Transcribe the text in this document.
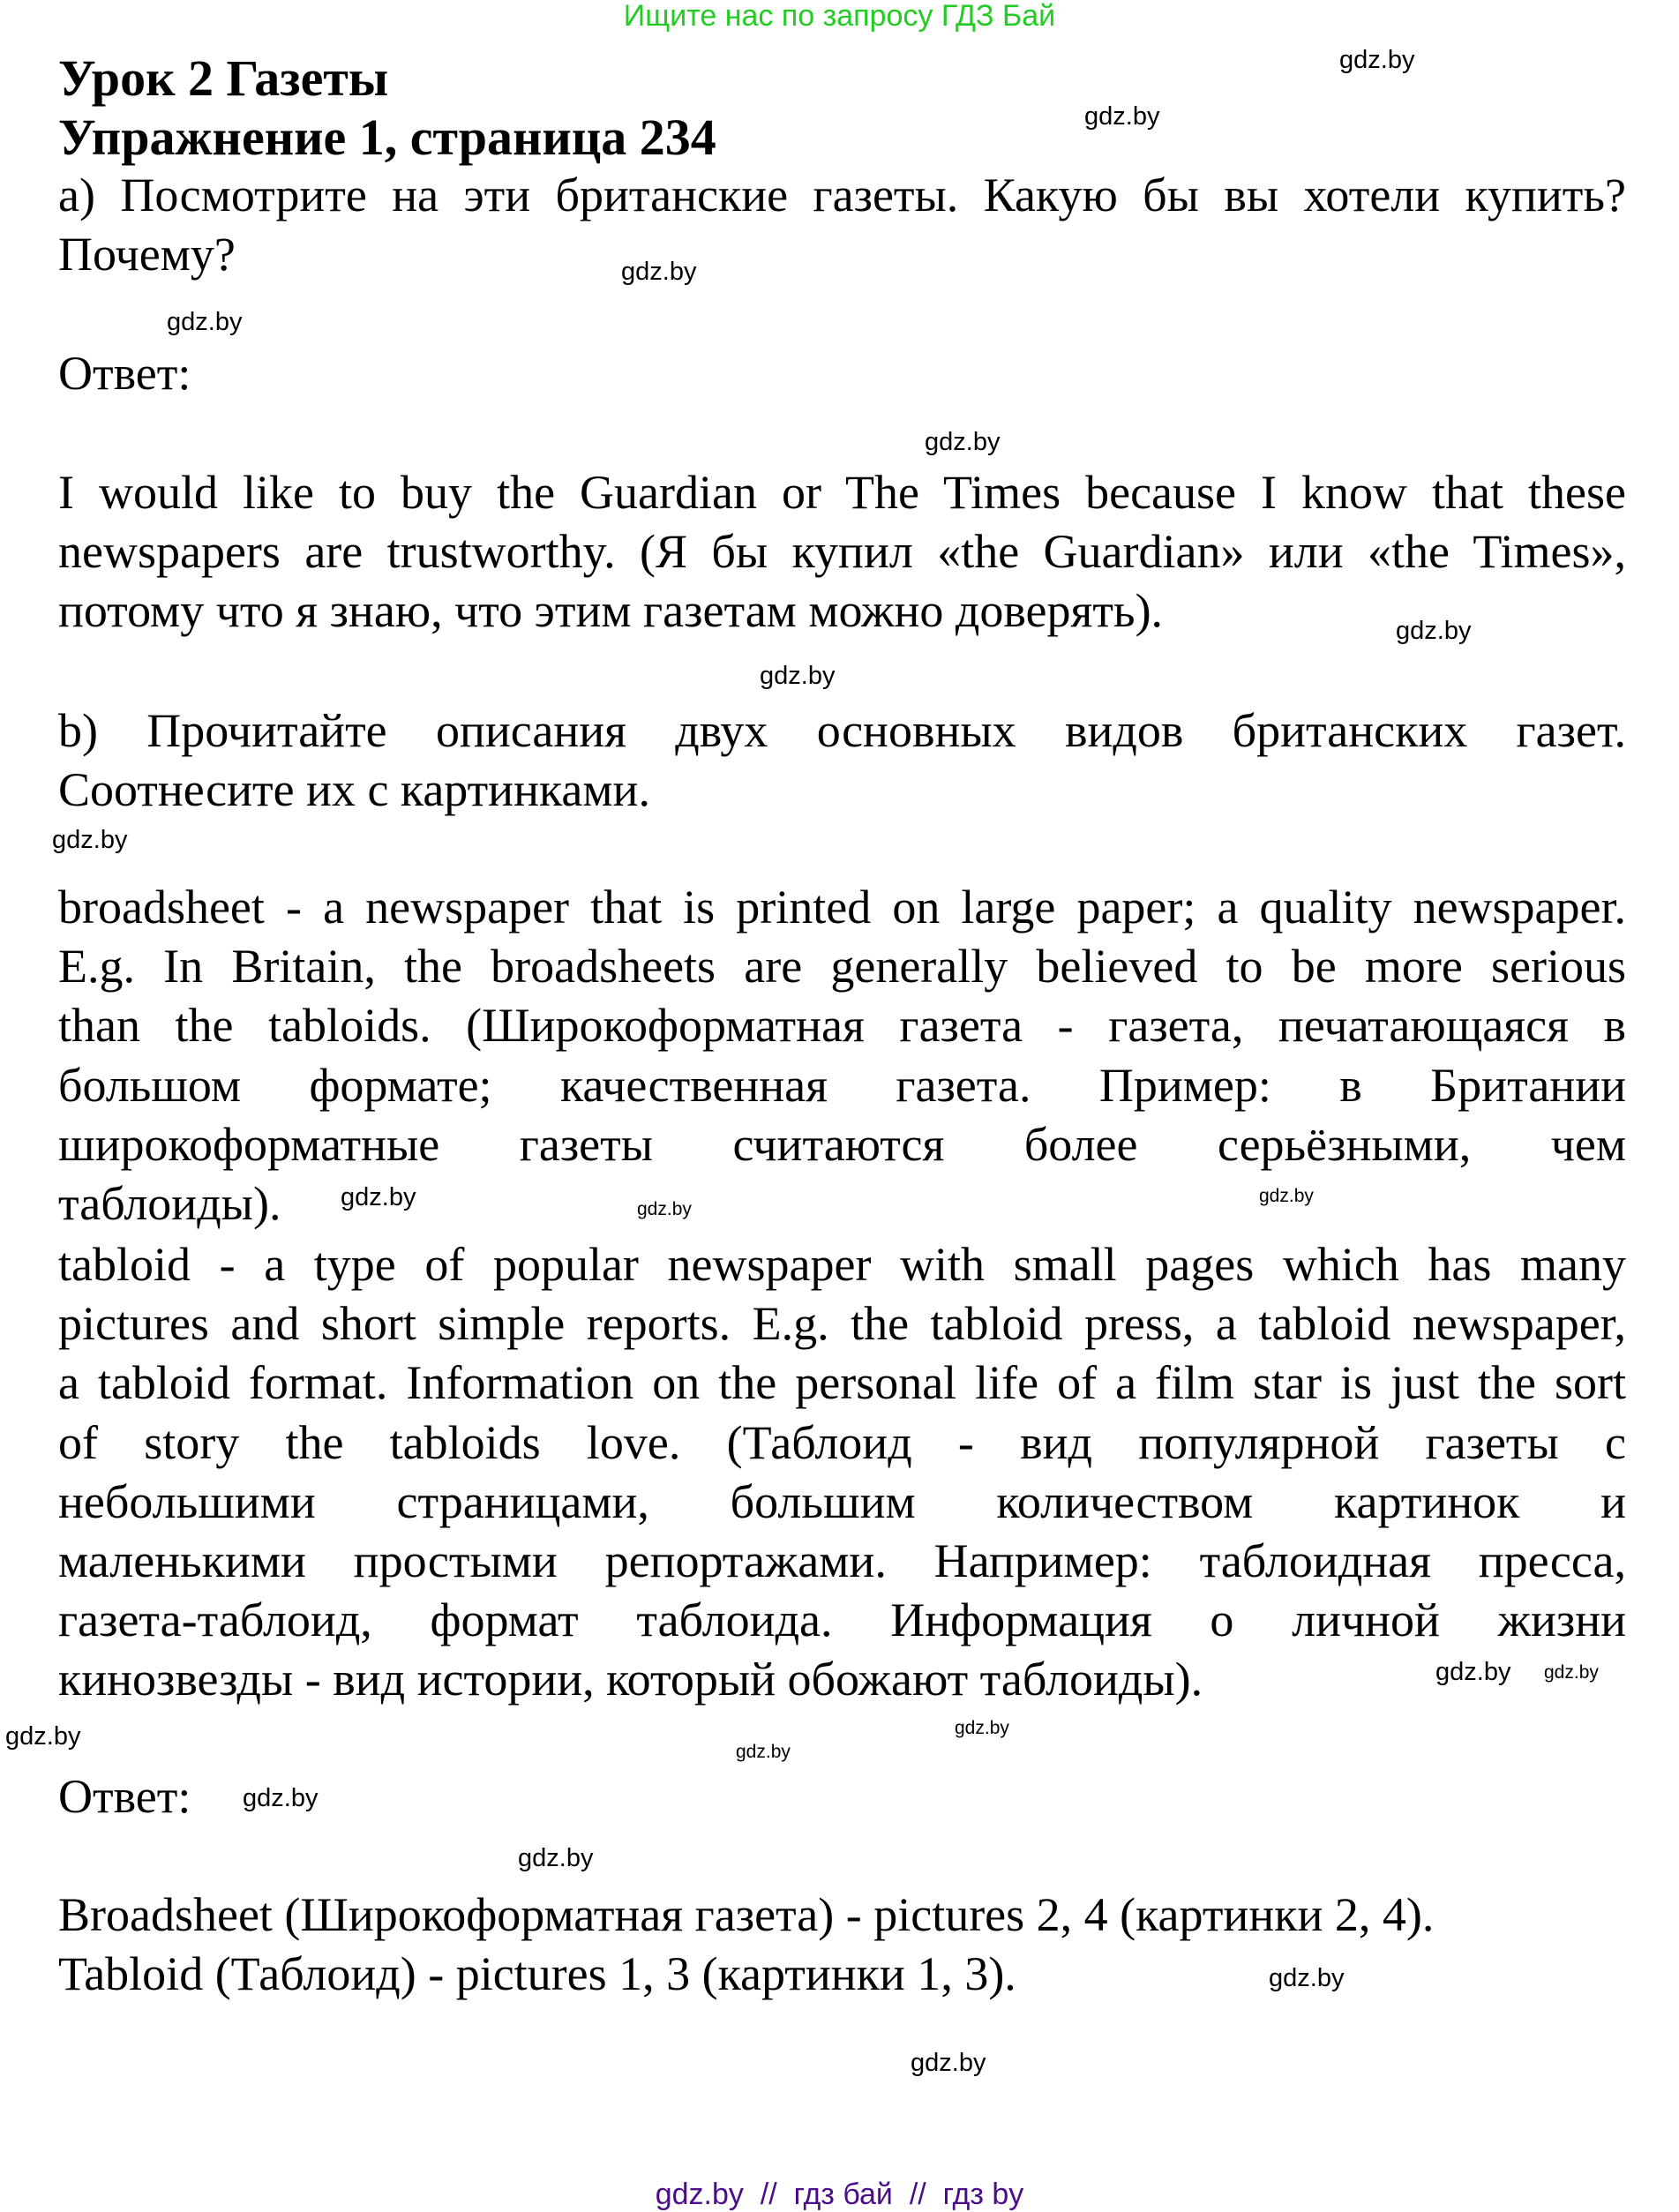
Ищите нас по запросу ГДЗ Бай
Урок 2 Газеты
Упражнение 1, страница 234
а) Посмотрите на эти британские газеты. Какую бы вы хотели купить?
Почему?
Ответ:
I would like to buy the Guardian or The Times because I know that these
newspapers are trustworthy. (Я бы купил «the Guardian» или «the Times»,
потому что я знаю, что этим газетам можно доверять).
b) Прочитайте описания двух основных видов британских газет.
Соотнесите их с картинками.
broadsheet - a newspaper that is printed on large paper; a quality newspaper.
E.g. In Britain, the broadsheets are generally believed to be more serious
than the tabloids. (Широкоформатная газета - газета, печатающаяся в
большом формате; качественная газета. Пример: в Британии
широкоформатные газеты считаются более серьёзными, чем
таблоиды).
tabloid - a type of popular newspaper with small pages which has many
pictures and short simple reports. E.g. the tabloid press, a tabloid newspaper,
a tabloid format. Information on the personal life of a film star is just the sort
of story the tabloids love. (Таблоид - вид популярной газеты с
небольшими страницами, большим количеством картинок и
маленькими простыми репортажами. Например: таблоидная пресса,
газета-таблоид, формат таблоида. Информация о личной жизни
кинозвезды - вид истории, который обожают таблоиды).
Ответ:
Broadsheet (Широкоформатная газета) - pictures 2, 4 (картинки 2, 4).
Tabloid (Таблоид) - pictures 1, 3 (картинки 1, 3).
gdz.by
gdz.by
gdz.by
gdz.by
gdz.by
gdz.by
gdz.by
gdz.by
gdz.by
gdz.by	gdz.by
gdz.by
gdz.by
gdz.by
gdz.by
gdz.by
gdz.by
gdz.by
gdz.by
gdz.by
gdz.by  //  гдз бай  //  гдз by
